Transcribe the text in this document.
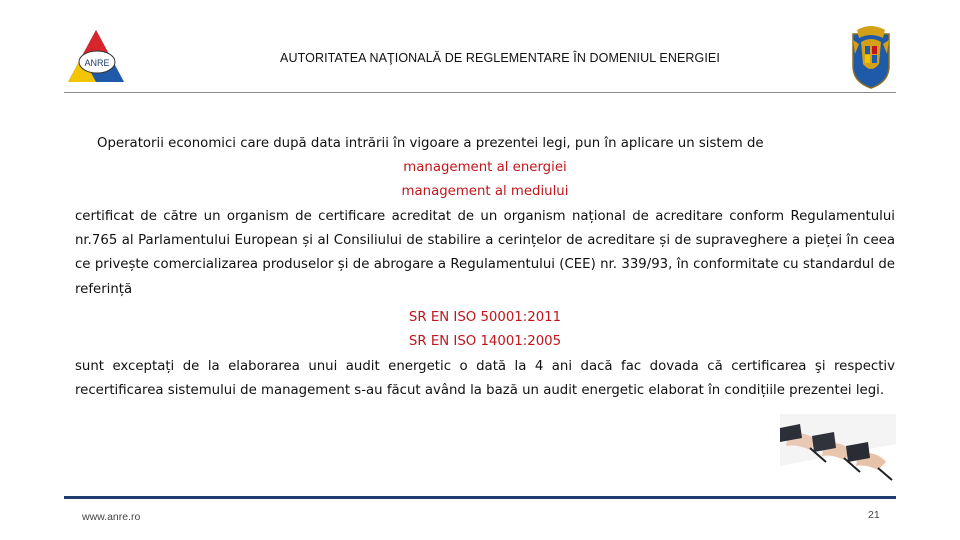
ANRE	AUTORITATEA NAŢIONALĂ DE REGLEMENTARE ÎN DOMENIUL ENERGIEI
Operatorii economici care după data intrării în vigoare a prezentei legi, pun în aplicare un sistem de
management al energiei
management al mediului
certificat de către un organism de certificare acreditat de un organism național de acreditare conform Regulamentului nr.765 al Parlamentului European și al Consiliului de stabilire a cerințelor de acreditare și de supraveghere a pieței în ceea ce privește comercializarea produselor și de abrogare a Regulamentului (CEE) nr. 339/93, în conformitate cu standardul de referință
SR EN ISO 50001:2011
SR EN ISO 14001:2005
sunt exceptați de la elaborarea unui audit energetic o dată la 4 ani dacă fac dovada că certificarea şi respectiv recertificarea sistemului de management s-au făcut având la bază un audit energetic elaborat în condițiile prezentei legi.
www.anre.ro	21
